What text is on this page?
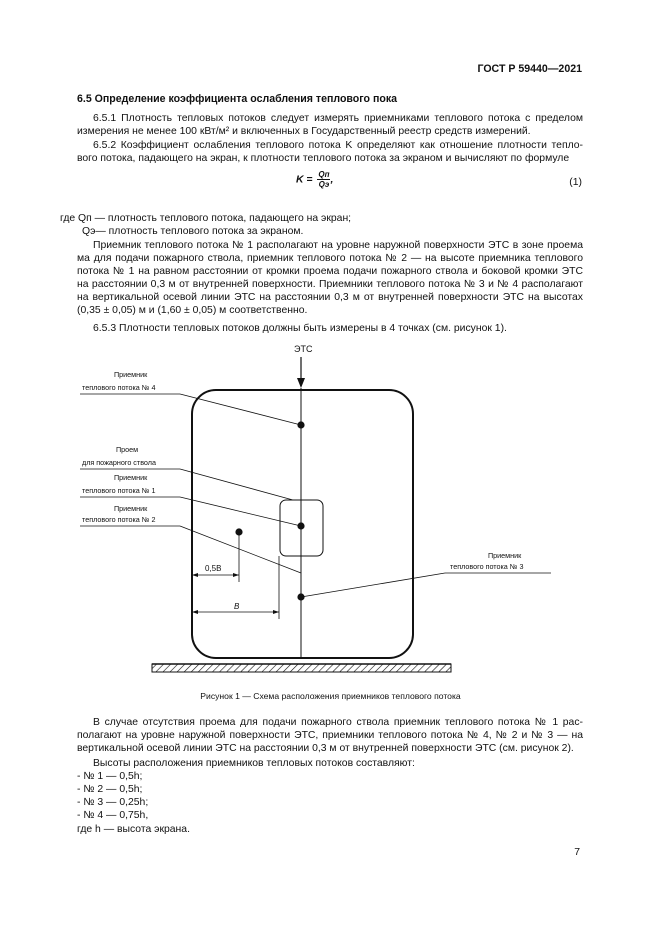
ГОСТ Р 59440—2021
6.5 Определение коэффициента ослабления теплового пока
6.5.1 Плотность тепловых потоков следует измерять приемниками теплового потока с пределом
измерения не менее 100 кВт/м² и включенных в Государственный реестр средств измерений.
6.5.2 Коэффициент ослабления теплового потока K определяют как отношение плотности тепло-
вого потока, падающего на экран, к плотности теплового потока за экраном и вычисляют по формуле
$K = \frac{Qп}{Qэ}$ ,	(1)
где Qп — плотность теплового потока, падающего на экран;
Qэ— плотность теплового потока за экраном.
Приемник теплового потока № 1 располагают на уровне наружной поверхности ЭТС в зоне проема
ма для подачи пожарного ствола, приемник теплового потока № 2 — на высоте приемника теплового
потока № 1 на равном расстоянии от кромки проема подачи пожарного ствола и боковой кромки ЭТС
на расстоянии 0,3 м от внутренней поверхности. Приемники теплового потока № 3 и № 4 располагают
на вертикальной осевой линии ЭТС на расстоянии 0,3 м от внутренней поверхности ЭТС на высотах
(0,35 ± 0,05) м и (1,60 ± 0,05) м соответственно.
6.5.3 Плотности тепловых потоков должны быть измерены в 4 точках (см. рисунок 1).
ЭТС
Приемник
теплового потока № 4
Проем
для пожарного ствола
Приемник
теплового потока № 1
Приемник
теплового потока № 2
Приемник
теплового потока № 3
0,5B
B
Рисунок 1 — Схема расположения приемников теплового потока
В случае отсутствия проема для подачи пожарного ствола приемник теплового потока № 1 рас-
полагают на уровне наружной поверхности ЭТС, приемники теплового потока № 4, № 2 и № 3 — на
вертикальной осевой линии ЭТС на расстоянии 0,3 м от внутренней поверхности ЭТС (см. рисунок 2).
Высоты расположения приемников тепловых потоков составляют:
- № 1 — 0,5h;
- № 2 — 0,5h;
- № 3 — 0,25h;
- № 4 — 0,75h,
где h — высота экрана.
7
